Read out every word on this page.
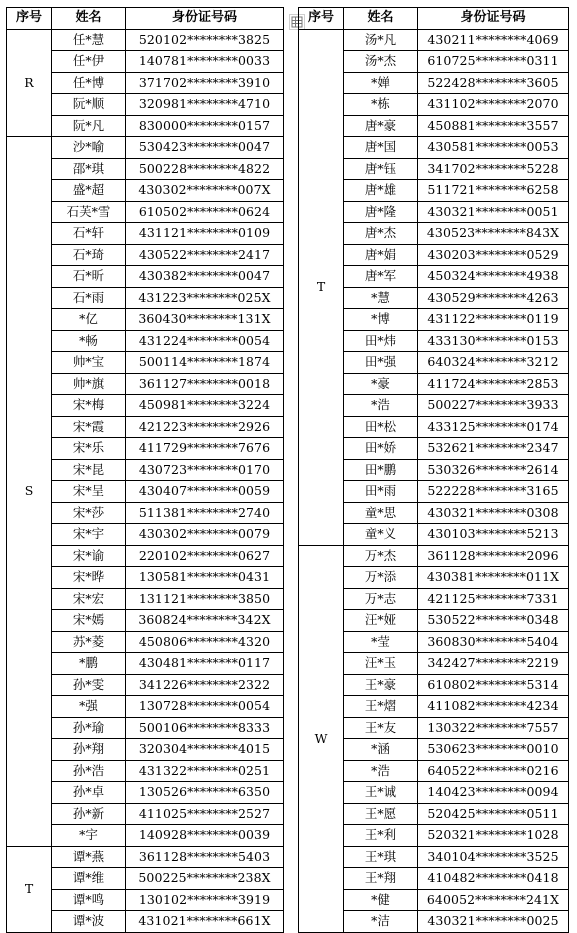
序号	姓名	身份证号码
R	任*慧	520102********3825
	任*伊	140781********0033
	任*博	371702********3910
	阮*顺	320981********4710
	阮*凡	830000********0157
S	沙*喻	530423********0047
	邵*琪	500228********4822
	盛*超	430302********007X
	石芙*雪	610502********0624
	石*轩	431121********0109
	石*琦	430522********2417
	石*昕	430382********0047
	石*雨	431223********025X
	*亿	360430********131X
	*畅	431224********0054
	帅*宝	500114********1874
	帅*旗	361127********0018
	宋*梅	450981********3224
	宋*霞	421223********2926
	宋*乐	411729********7676
	宋*昆	430723********0170
	宋*呈	430407********0059
	宋*莎	511381********2740
	宋*宇	430302********0079
	宋*谕	220102********0627
	宋*晔	130581********0431
	宋*宏	131121********3850
	宋*嫣	360824********342X
	苏*菱	450806********4320
	*鹏	430481********0117
	孙*雯	341226********2322
	*强	130728********0054
	孙*瑜	500106********8333
	孙*翔	320304********4015
	孙*浩	431322********0251
	孙*卓	130526********6350
	孙*新	411025********2527
	*宇	140928********0039
T	谭*燕	361128********5403
	谭*维	500225********238X
	谭*鸣	130102********3919
	谭*波	431021********661X
序号	姓名	身份证号码
T	汤*凡	430211********4069
	汤*杰	610725********0311
	*婵	522428********3605
	*栋	431102********2070
	唐*豪	450881********3557
	唐*国	430581********0053
	唐*钰	341702********5228
	唐*雄	511721********6258
	唐*隆	430321********0051
	唐*杰	430523********843X
	唐*娟	430203********0529
	唐*军	450324********4938
	*慧	430529********4263
	*博	431122********0119
	田*炜	433130********0153
	田*强	640324********3212
	*豪	411724********2853
	*浩	500227********3933
	田*松	433125********0174
	田*娇	532621********2347
	田*鹏	530326********2614
	田*雨	522228********3165
	童*思	430321********0308
	童*义	430103********5213
W	万*杰	361128********2096
	万*添	430381********011X
	万*志	421125********7331
	汪*娅	530522********0348
	*莹	360830********5404
	汪*玉	342427********2219
	王*豪	610802********5314
	王*熠	411082********4234
	王*友	130322********7557
	*涵	530623********0010
	*浩	640522********0216
	王*诚	140423********0094
	王*愿	520425********0511
	王*利	520321********1028
	王*琪	340104********3525
	王*翔	410482********0418
	*健	640052********241X
	*洁	430321********0025
